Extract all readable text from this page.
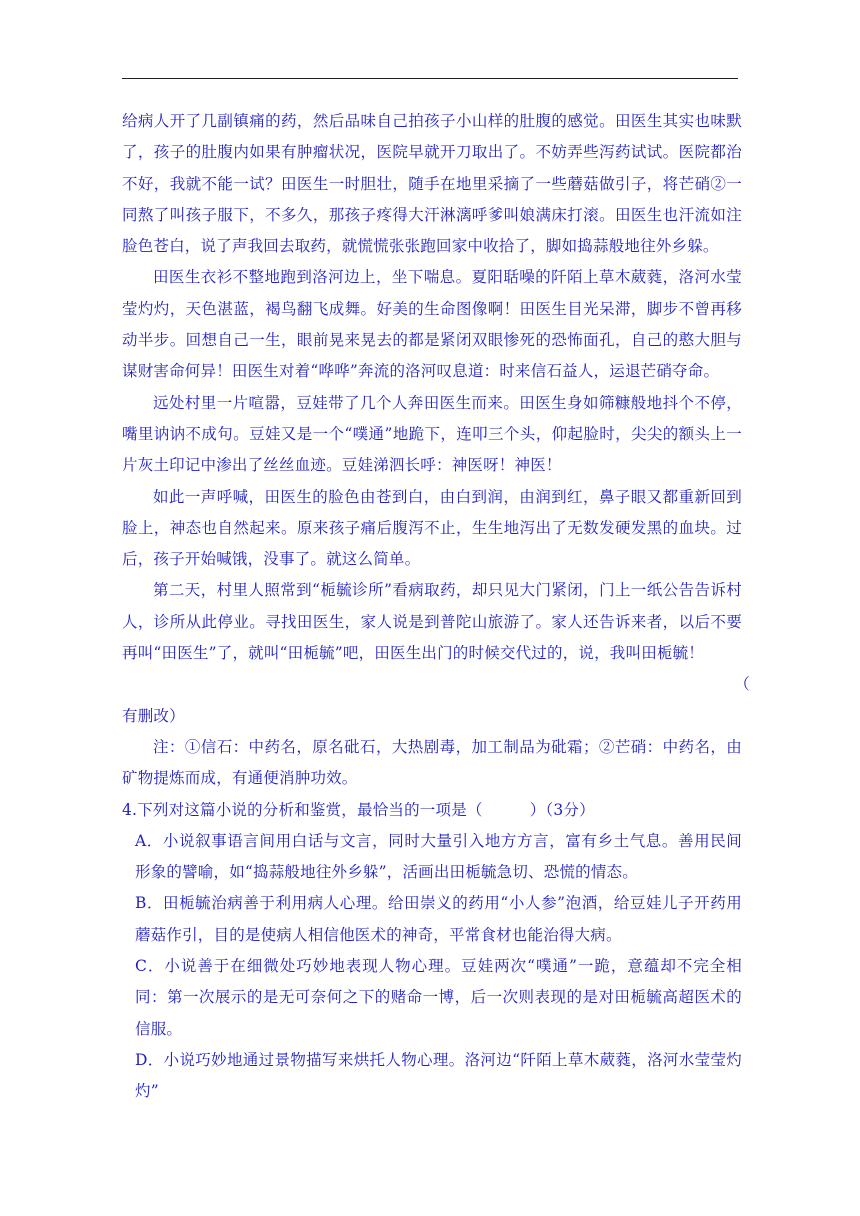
给病人开了几副镇痛的药，然后品味自己拍孩子小山样的肚腹的感觉。田医生其实也味默了，孩子的肚腹内如果有肿瘤状况，医院早就开刀取出了。不妨弄些泻药试试。医院都治不好，我就不能一试？田医生一时胆壮，随手在地里采摘了一些蘑菇做引子，将芒硝②一同熬了叫孩子服下，不多久，那孩子疼得大汗淋漓呼爹叫娘满床打滚。田医生也汗流如注脸色苍白，说了声我回去取药，就慌慌张张跑回家中收拾了，脚如捣蒜般地往外乡躲。

田医生衣衫不整地跑到洛河边上，坐下喘息。夏阳聒噪的阡陌上草木葳蕤，洛河水莹莹灼灼，天色湛蓝，褐鸟翻飞成舞。好美的生命图像啊！田医生目光呆滞，脚步不曾再移动半步。回想自己一生，眼前晃来晃去的都是紧闭双眼惨死的恐怖面孔，自己的憨大胆与谋财害命何异！田医生对着“哗哗”奔流的洛河叹息道：时来信石益人，运退芒硝夺命。

远处村里一片喧嚣，豆娃带了几个人奔田医生而来。田医生身如筛糠般地抖个不停，嘴里讷讷不成句。豆娃又是一个“噗通”地跪下，连叩三个头，仰起脸时，尖尖的额头上一片灰土印记中渗出了丝丝血迹。豆娃涕泗长呼：神医呀！神医！

如此一声呼喊，田医生的脸色由苍到白，由白到润，由润到红，鼻子眼又都重新回到脸上，神态也自然起来。原来孩子痛后腹泻不止，生生地泻出了无数发硬发黑的血块。过后，孩子开始喊饿，没事了。就这么简单。

第二天，村里人照常到“栀毓诊所”看病取药，却只见大门紧闭，门上一纸公告告诉村人，诊所从此停业。寻找田医生，家人说是到普陀山旅游了。家人还告诉来者，以后不要再叫“田医生”了，就叫“田栀毓”吧，田医生出门的时候交代过的，说，我叫田栀毓！

（

有删改）

注：①信石：中药名，原名砒石，大热剧毒，加工制品为砒霜；②芒硝：中药名，由矿物提炼而成，有通便消肿功效。

4.下列对这篇小说的分析和鉴赏，最恰当的一项是（　　　）（3分）

A．小说叙事语言间用白话与文言，同时大量引入地方方言，富有乡土气息。善用民间形象的譬喻，如“捣蒜般地往外乡躲”，活画出田栀毓急切、恐慌的情态。

B．田栀毓治病善于利用病人心理。给田崇义的药用“小人参”泡酒，给豆娃儿子开药用蘑菇作引，目的是使病人相信他医术的神奇，平常食材也能治得大病。

C．小说善于在细微处巧妙地表现人物心理。豆娃两次“噗通”一跪，意蕴却不完全相同：第一次展示的是无可奈何之下的赌命一博，后一次则表现的是对田栀毓高超医术的信服。

D．小说巧妙地通过景物描写来烘托人物心理。洛河边“阡陌上草木葳蕤，洛河水莹莹灼灼”
